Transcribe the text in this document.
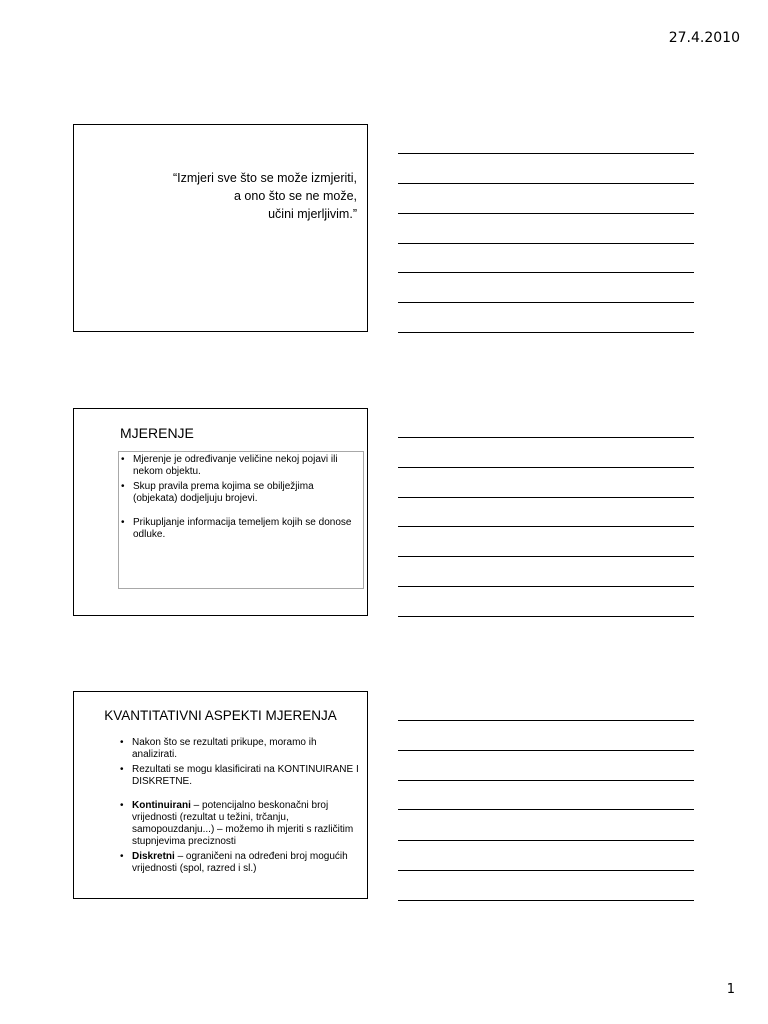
27.4.2010
“Izmjeri sve što se može izmjeriti,
a ono što se ne može,
učini mjerljivim.”
MJERENJE
• Mjerenje je određivanje veličine nekoj pojavi ili nekom objektu.
• Skup pravila prema kojima se obilježjima (objekata) dodjeljuju brojevi.
• Prikupljanje informacija temeljem kojih se donose odluke.
KVANTITATIVNI ASPEKTI MJERENJA
• Nakon što se rezultati prikupe, moramo ih analizirati.
• Rezultati se mogu klasificirati na KONTINUIRANE I DISKRETNE.
• Kontinuirani – potencijalno beskonačni broj vrijednosti (rezultat u težini, trčanju, samopouzdanju...) – možemo ih mjeriti s različitim stupnjevima preciznosti
• Diskretni – ograničeni na određeni broj mogućih vrijednosti (spol, razred i sl.)
1
